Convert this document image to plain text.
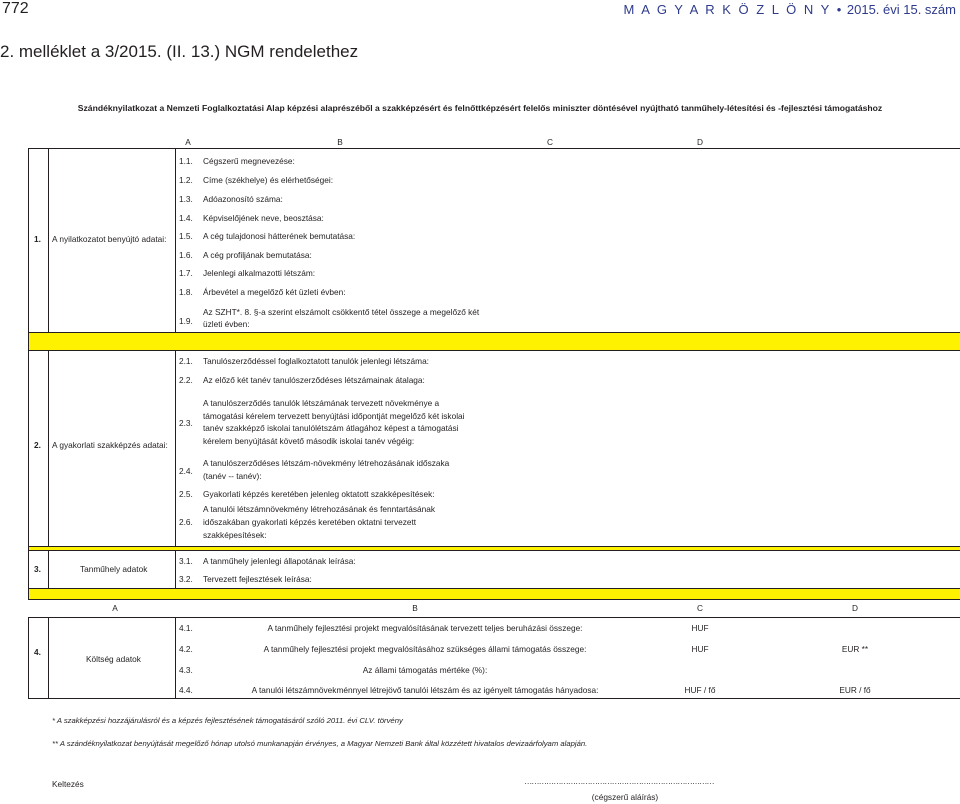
772	M A G Y A R K Ö Z L Ö N Y • 2015. évi 15. szám
2. melléklet a 3/2015. (II. 13.) NGM rendelethez
Szándéknyilatkozat a Nemzeti Foglalkoztatási Alap képzési alaprészéből a szakképzésért és felnőttképzésért felelős miniszter döntésével nyújtható tanműhely-létesítési és -fejlesztési támogatáshoz
A	B	C	D
1. A nyilatkozatot benyújtó adatai:
1.1. Cégszerű megnevezése:
1.2. Címe (székhelye) és elérhetőségei:
1.3. Adóazonosító száma:
1.4. Képviselőjének neve, beosztása:
1.5. A cég tulajdonosi hátterének bemutatása:
1.6. A cég profiljának bemutatása:
1.7. Jelenlegi alkalmazotti létszám:
1.8. Árbevétel a megelőző két üzleti évben:
1.9.
Az SZHT*. 8. §-a szerint elszámolt csökkentő tétel összege a megelőző két üzleti évben:
2. A gyakorlati szakképzés adatai:
2.1. Tanulószerződéssel foglalkoztatott tanulók jelenlegi létszáma:
2.2. Az előző két tanév tanulószerződéses létszámainak átalaga:
2.3.
A tanulószerződés tanulók létszámának tervezett növekménye a támogatási kérelem tervezett benyújtási időpontját megelőző két iskolai tanév szakképző iskolai tanulólétszám átlagához képest a támogatási kérelem benyújtását követő második iskolai tanév végéig:
2.4.
A tanulószerződéses létszám-növekmény létrehozásának időszaka (tanév -- tanév):
2.5. Gyakorlati képzés keretében jelenleg oktatott szakképesítések:
2.6.
A tanulói létszámnövekmény létrehozásának és fenntartásának időszakában gyakorlati képzés keretében oktatni tervezett szakképesítések:
3.	Tanműhely adatok
3.1. A tanműhely jelenlegi állapotának leírása:
3.2. Tervezett fejlesztések leírása:
A	B	C	D
4.
Költség adatok
4.1.	A tanműhely fejlesztési projekt megvalósításának tervezett teljes beruházási összege:	HUF
4.2.	A tanműhely fejlesztési projekt megvalósításához szükséges állami támogatás összege:	HUF	EUR **
4.3.	Az állami támogatás mértéke (%):
4.4.	A tanulói létszámnövekménnyel létrejövő tanulói létszám és az igényelt támogatás hányadosa:	HUF / fő	EUR / fő
* A szakképzési hozzájárulásról és a képzés fejlesztésének támogatásáról szóló 2011. évi CLV. törvény
** A szándéknyilatkozat benyújtását megelőző hónap utolsó munkanapján érvényes, a Magyar Nemzeti Bank által közzétett hivatalos devizaárfolyam alapján.
Keltezés	……………………………………………………………………
(cégszerű aláírás)
